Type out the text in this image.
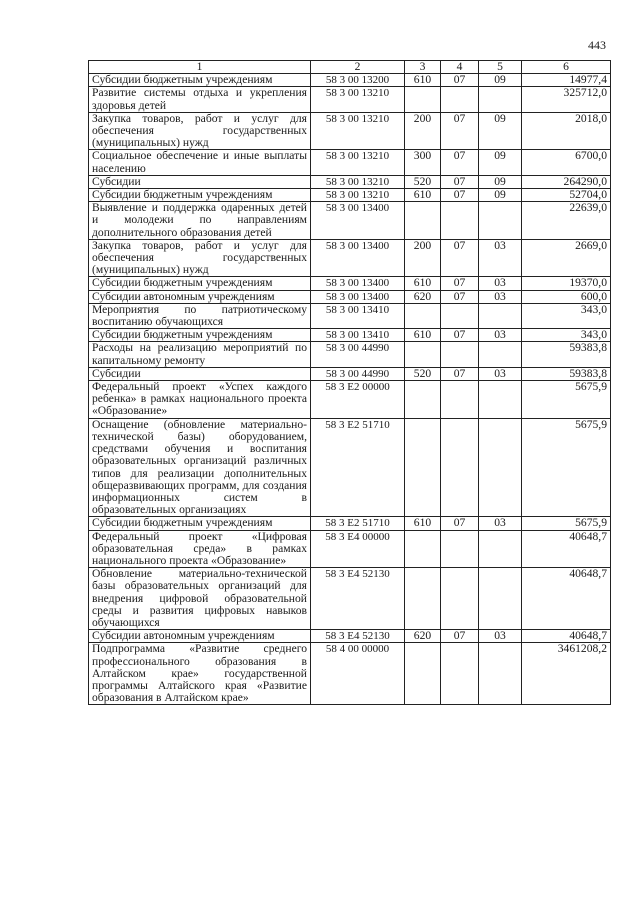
443
1	2	3	4	5	6
Субсидии бюджетным учреждениям	58 3 00 13200	610	07	09	14977,4
Развитие системы отдыха и укрепления здоровья детей	58 3 00 13210				325712,0
Закупка товаров, работ и услуг для обеспечения государственных (муниципальных) нужд	58 3 00 13210	200	07	09	2018,0
Социальное обеспечение и иные выплаты населению	58 3 00 13210	300	07	09	6700,0
Субсидии	58 3 00 13210	520	07	09	264290,0
Субсидии бюджетным учреждениям	58 3 00 13210	610	07	09	52704,0
Выявление и поддержка одаренных детей и молодежи по направлениям дополнительного образования детей	58 3 00 13400				22639,0
Закупка товаров, работ и услуг для обеспечения государственных (муниципальных) нужд	58 3 00 13400	200	07	03	2669,0
Субсидии бюджетным учреждениям	58 3 00 13400	610	07	03	19370,0
Субсидии автономным учреждениям	58 3 00 13400	620	07	03	600,0
Мероприятия по патриотическому воспитанию обучающихся	58 3 00 13410				343,0
Субсидии бюджетным учреждениям	58 3 00 13410	610	07	03	343,0
Расходы на реализацию мероприятий по капитальному ремонту	58 3 00 44990				59383,8
Субсидии	58 3 00 44990	520	07	03	59383,8
Федеральный проект «Успех каждого ребенка» в рамках национального проекта «Образование»	58 3 E2 00000				5675,9
Оснащение (обновление материально-технической базы) оборудованием, средствами обучения и воспитания образовательных организаций различных типов для реализации дополнительных общеразвивающих программ, для создания информационных систем в образовательных организациях	58 3 E2 51710				5675,9
Субсидии бюджетным учреждениям	58 3 E2 51710	610	07	03	5675,9
Федеральный проект «Цифровая образовательная среда» в рамках национального проекта «Образование»	58 3 E4 00000				40648,7
Обновление материально-технической базы образовательных организаций для внедрения цифровой образовательной среды и развития цифровых навыков обучающихся	58 3 E4 52130				40648,7
Субсидии автономным учреждениям	58 3 E4 52130	620	07	03	40648,7
Подпрограмма «Развитие среднего профессионального образования в Алтайском крае» государственной программы Алтайского края «Развитие образования в Алтайском крае»	58 4 00 00000				3461208,2
